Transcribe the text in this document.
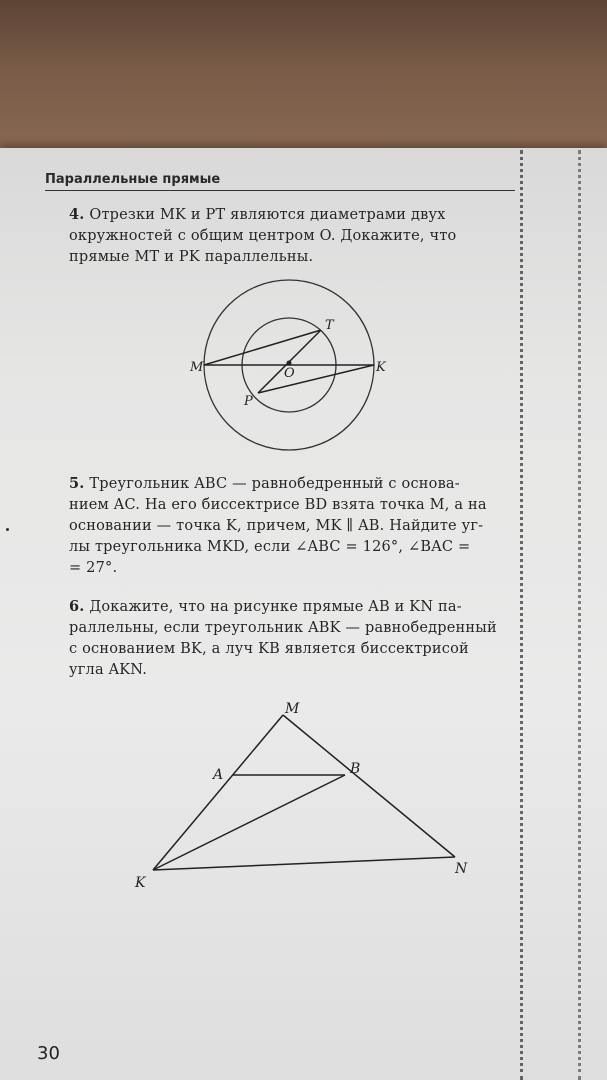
Параллельные прямые
4. Отрезки MK и PT являются диаметрами двух
окружностей с общим центром O. Докажите, что
прямые MT и PK параллельны.
M
T
O	K
P
5. Треугольник ABC — равнобедренный с основа-
нием AC. На его биссектрисе BD взята точка M, а на
основании — точка K, причем, MK ∥ AB. Найдите уг-
лы треугольника MKD, если ∠ABC = 126°, ∠BAC =
= 27°.
6. Докажите, что на рисунке прямые AB и KN па-
раллельны, если треугольник ABK — равнобедренный
с основанием BK, а луч KB является биссектрисой
угла AKN.
M
A	B
K
N
30
